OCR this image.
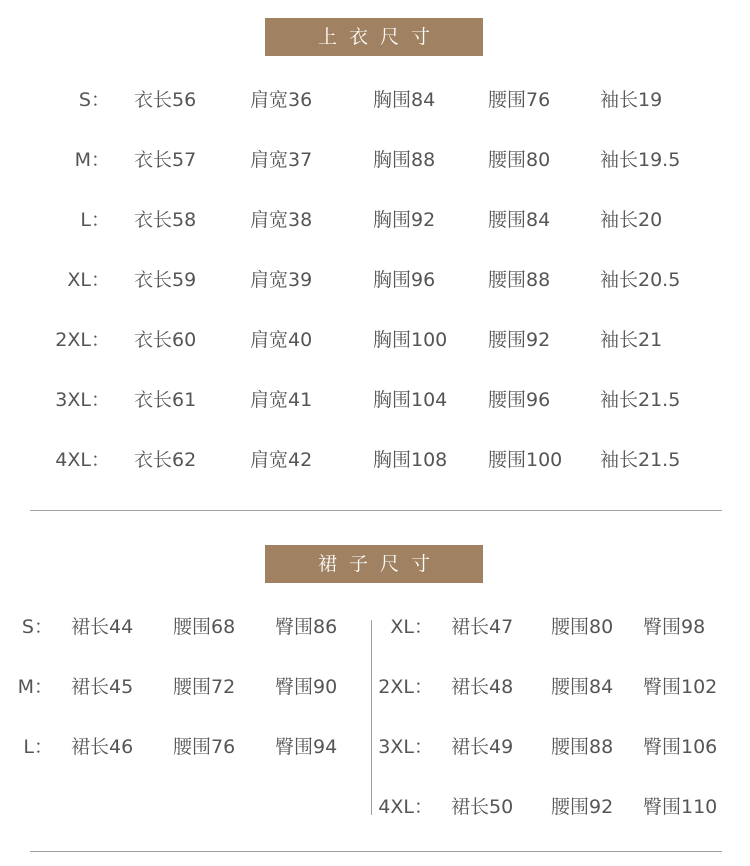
上衣尺寸
S ：	衣长56	肩宽36	胸围84	腰围76	袖长19
M ：	衣长57	肩宽37	胸围88	腰围80	袖长19.5
L ：	衣长58	肩宽38	胸围92	腰围84	袖长20
XL ：	衣长59	肩宽39	胸围96	腰围88	袖长20.5
2XL ：	衣长60	肩宽40	胸围100 腰围92	袖长21
3XL ：	衣长61	肩宽41	胸围104 腰围96	袖长21.5
4XL ：	衣长62	肩宽42	胸围108 腰围100 袖长21.5
裙子尺寸
S ：	裙长44 腰围68 臀围86
M ：	裙长45 腰围72 臀围90
L ：	裙长46 腰围76 臀围94
XL ：	裙长47 腰围80 臀围98
2XL ：	裙长48 腰围84 臀围102
3XL ：	裙长49 腰围88 臀围106
4XL ：	裙长50 腰围92 臀围110
